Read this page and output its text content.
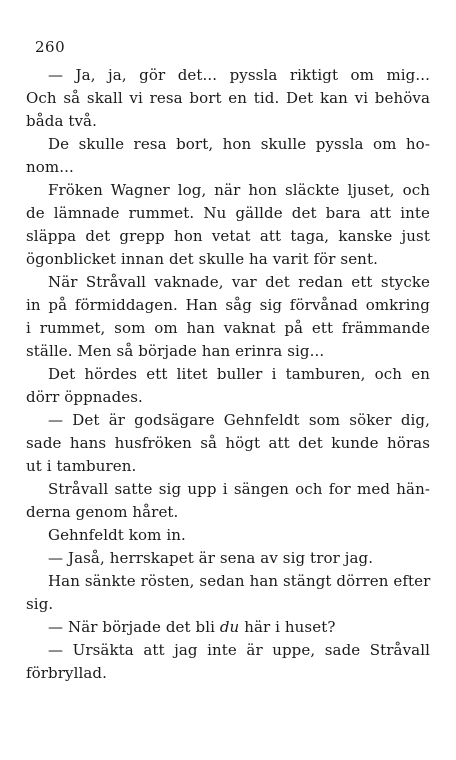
260

— Ja, ja, gör det... pyssla riktigt om mig...
Och så skall vi resa bort en tid. Det kan vi behöva
båda två.

De skulle resa bort, hon skulle pyssla om ho-
nom...

Fröken Wagner log, när hon släckte ljuset, och
de lämnade rummet. Nu gällde det bara att inte
släppa det grepp hon vetat att taga, kanske just
ögonblicket innan det skulle ha varit för sent.

När Stråvall vaknade, var det redan ett stycke
in på förmiddagen. Han såg sig förvånad omkring
i rummet, som om han vaknat på ett främmande
ställe. Men så började han erinra sig...

Det hördes ett litet buller i tamburen, och en
dörr öppnades.

— Det är godsägare Gehnfeldt som söker dig,
sade hans husfröken så högt att det kunde höras
ut i tamburen.

Stråvall satte sig upp i sängen och for med hän-
derna genom håret.

Gehnfeldt kom in.

— Jaså, herrskapet är sena av sig tror jag.

Han sänkte rösten, sedan han stängt dörren efter
sig.

— När började det bli du här i huset?

— Ursäkta att jag inte är uppe, sade Stråvall
förbryllad.
